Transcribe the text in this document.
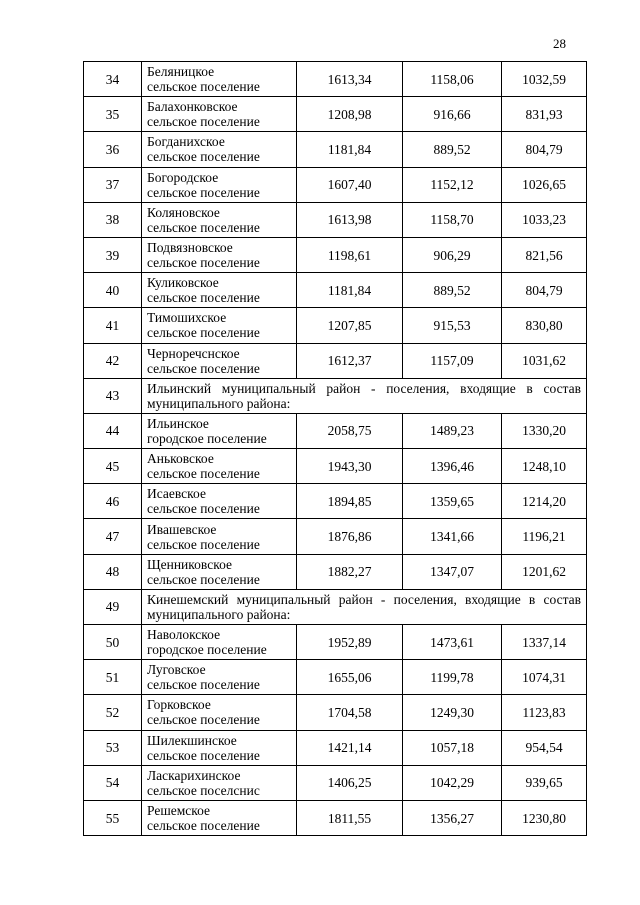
28
34	Беляницкое
сельское поселение	1613,34	1158,06	1032,59
35	Балахонковское
сельское поселение	1208,98	916,66	831,93
36	Богданихское
сельское поселение	1181,84	889,52	804,79
37	Богородское
сельское поселение	1607,40	1152,12	1026,65
38	Коляновское
сельское поселение	1613,98	1158,70	1033,23
39	Подвязновское
сельское поселение	1198,61	906,29	821,56
40	Куликовское
сельское поселение	1181,84	889,52	804,79
41	Тимошихское
сельское поселение	1207,85	915,53	830,80
42	Черноречснское
сельское поселение	1612,37	1157,09	1031,62
43	Ильинский муниципальный район - поселения, входящие в состав муниципального района:			
44	Ильинское
городское поселение	2058,75	1489,23	1330,20
45	Аньковское
сельское поселение	1943,30	1396,46	1248,10
46	Исаевское
сельское поселение	1894,85	1359,65	1214,20
47	Ивашевское
сельское поселение	1876,86	1341,66	1196,21
48	Щенниковское
сельское поселение	1882,27	1347,07	1201,62
49	Кинешемский муниципальный район - поселения, входящие в состав муниципального района:			
50	Наволокское
городское поселение	1952,89	1473,61	1337,14
51	Луговское
сельское поселение	1655,06	1199,78	1074,31
52	Горковское
сельское поселение	1704,58	1249,30	1123,83
53	Шилекшинское
сельское поселение	1421,14	1057,18	954,54
54	Ласкарихинское
сельское поселснис	1406,25	1042,29	939,65
55	Решемское
сельское поселение	1811,55	1356,27	1230,80
